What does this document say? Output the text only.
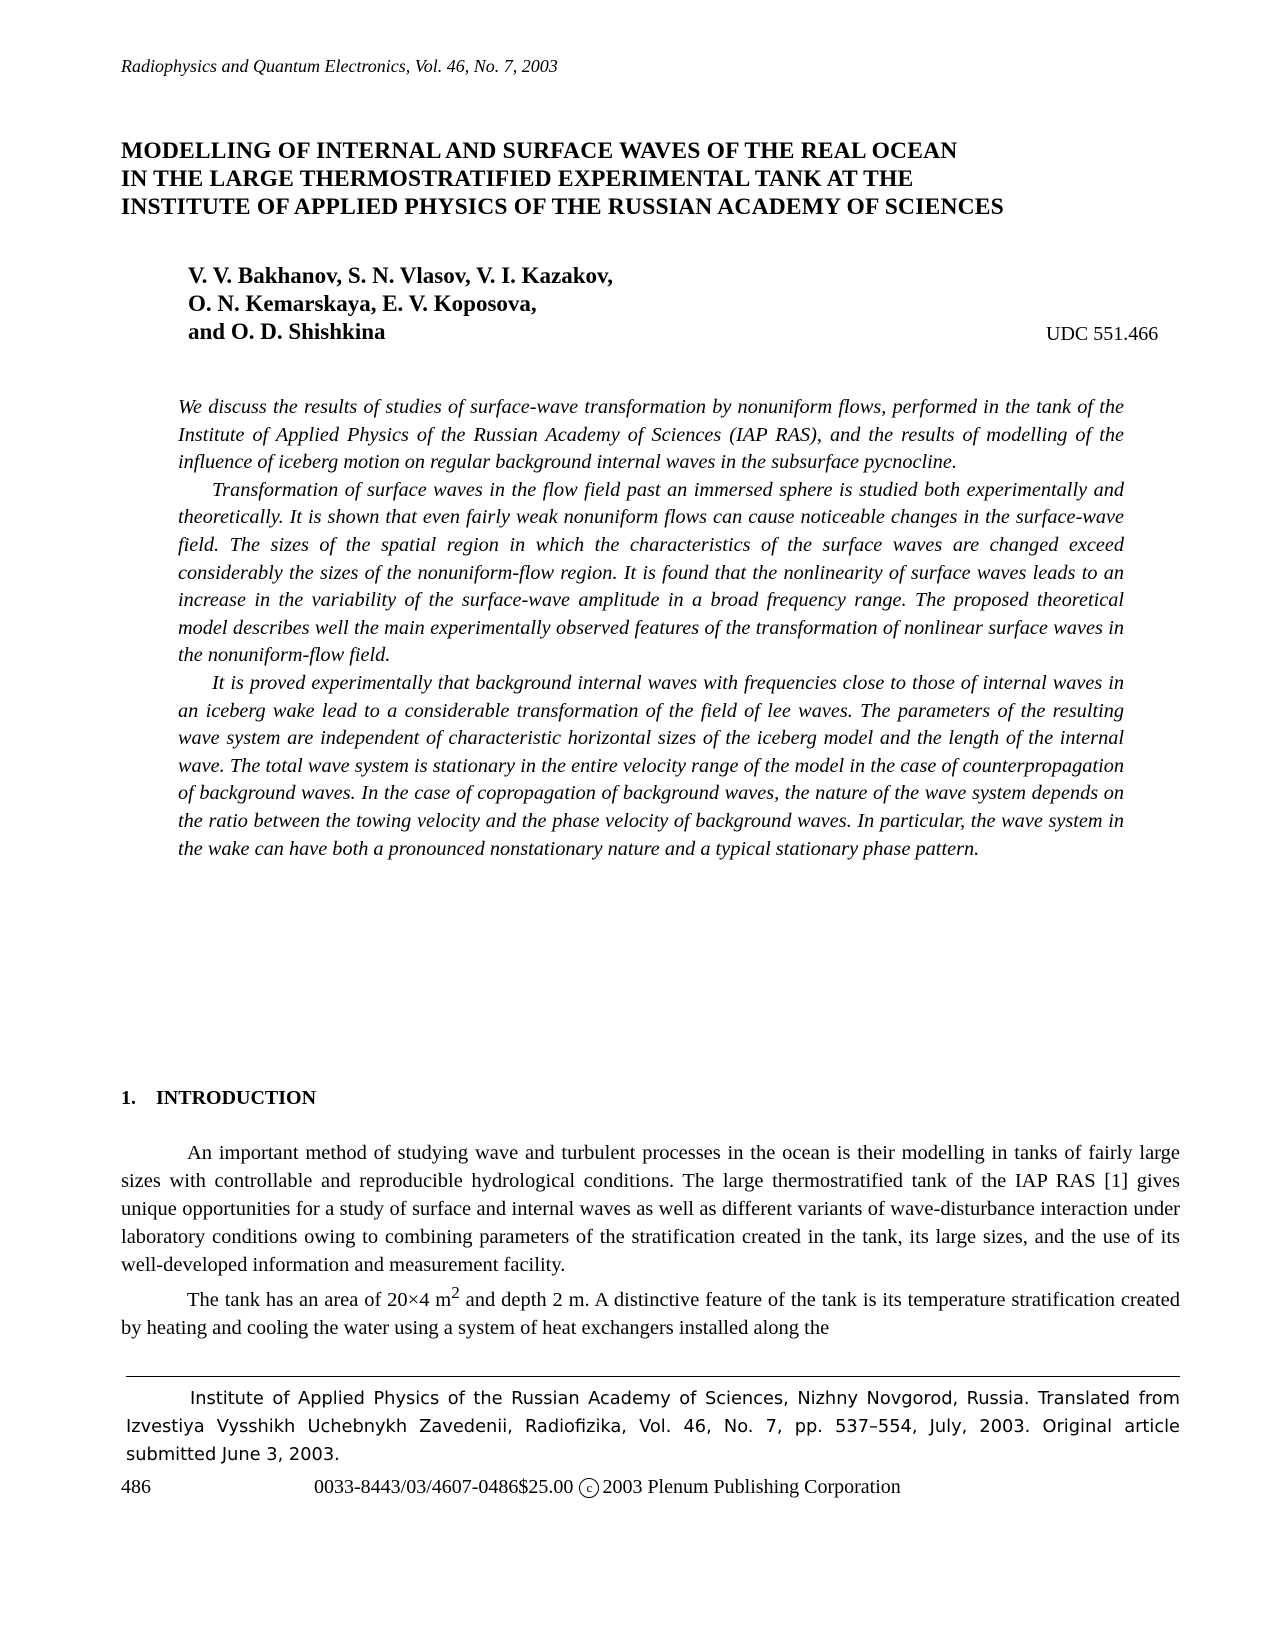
Radiophysics and Quantum Electronics, Vol. 46, No. 7, 2003
MODELLING OF INTERNAL AND SURFACE WAVES OF THE REAL OCEAN
IN THE LARGE THERMOSTRATIFIED EXPERIMENTAL TANK AT THE
INSTITUTE OF APPLIED PHYSICS OF THE RUSSIAN ACADEMY OF SCIENCES
V. V. Bakhanov, S. N. Vlasov, V. I. Kazakov,
O. N. Kemarskaya, E. V. Koposova,
and O. D. Shishkina	UDC 551.466

We discuss the results of studies of surface-wave transformation by nonuniform flows, performed in the tank of the Institute of Applied Physics of the Russian Academy of Sciences (IAP RAS), and the results of modelling of the influence of iceberg motion on regular background internal waves in the subsurface pycnocline.

Transformation of surface waves in the flow field past an immersed sphere is studied both experimentally and theoretically. It is shown that even fairly weak nonuniform flows can cause noticeable changes in the surface-wave field. The sizes of the spatial region in which the characteristics of the surface waves are changed exceed considerably the sizes of the nonuniform-flow region. It is found that the nonlinearity of surface waves leads to an increase in the variability of the surface-wave amplitude in a broad frequency range. The proposed theoretical model describes well the main experimentally observed features of the transformation of nonlinear surface waves in the nonuniform-flow field.

It is proved experimentally that background internal waves with frequencies close to those of internal waves in an iceberg wake lead to a considerable transformation of the field of lee waves. The parameters of the resulting wave system are independent of characteristic horizontal sizes of the iceberg model and the length of the internal wave. The total wave system is stationary in the entire velocity range of the model in the case of counterpropagation of background waves. In the case of copropagation of background waves, the nature of the wave system depends on the ratio between the towing velocity and the phase velocity of background waves. In particular, the wave system in the wake can have both a pronounced nonstationary nature and a typical stationary phase pattern.

1. INTRODUCTION

An important method of studying wave and turbulent processes in the ocean is their modelling in tanks of fairly large sizes with controllable and reproducible hydrological conditions. The large thermostratified tank of the IAP RAS [1] gives unique opportunities for a study of surface and internal waves as well as different variants of wave-disturbance interaction under laboratory conditions owing to combining parameters of the stratification created in the tank, its large sizes, and the use of its well-developed information and measurement facility.

The tank has an area of 20×4 $m^2$ and depth 2 m. A distinctive feature of the tank is its temperature stratification created by heating and cooling the water using a system of heat exchangers installed along the

Institute of Applied Physics of the Russian Academy of Sciences, Nizhny Novgorod, Russia. Translated from Izvestiya Vysshikh Uchebnykh Zavedenii, Radiofizika, Vol. 46, No. 7, pp. 537–554, July, 2003. Original article submitted June 3, 2003.

486	0033-8443/03/4607-0486$25.00 c 2003 Plenum Publishing Corporation
